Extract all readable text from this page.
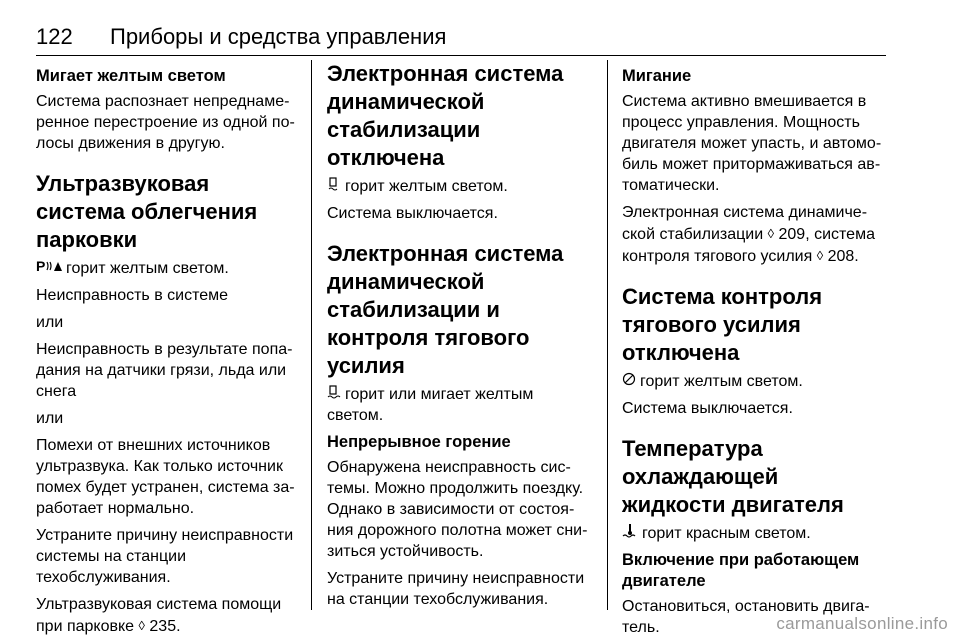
122	Приборы и средства управления
Мигает желтым светом

Система распознает непреднамеренное перестроение из одной полосы движения в другую.

Ультразвуковая система облегчения парковки

P горит желтым светом.

Неисправность в системе

или

Неисправность в результате попадания на датчики грязи, льда или снега

или

Помехи от внешних источников ультразвука. Как только источник помех будет устранен, система заработает нормально.

Устраните причину неисправности системы на станции техобслуживания.

Ультразвуковая система помощи при парковке ◊ 235.

Электронная система динамической стабилизации отключена

горит желтым светом.

Система выключается.

Электронная система динамической стабилизации и контроля тягового усилия

горит или мигает желтым светом.

Непрерывное горение

Обнаружена неисправность системы. Можно продолжить поездку. Однако в зависимости от состояния дорожного полотна может снизиться устойчивость.

Устраните причину неисправности на станции техобслуживания.

Мигание

Система активно вмешивается в процесс управления. Мощность двигателя может упасть, и автомобиль может притормаживаться автоматически.

Электронная система динамической стабилизации ◊ 209, система контроля тягового усилия ◊ 208.

Система контроля тягового усилия отключена

горит желтым светом.

Система выключается.

Температура охлаждающей жидкости двигателя

горит красным светом.

Включение при работающем двигателе

Остановиться, остановить двигатель.	carmanualsonline.info
